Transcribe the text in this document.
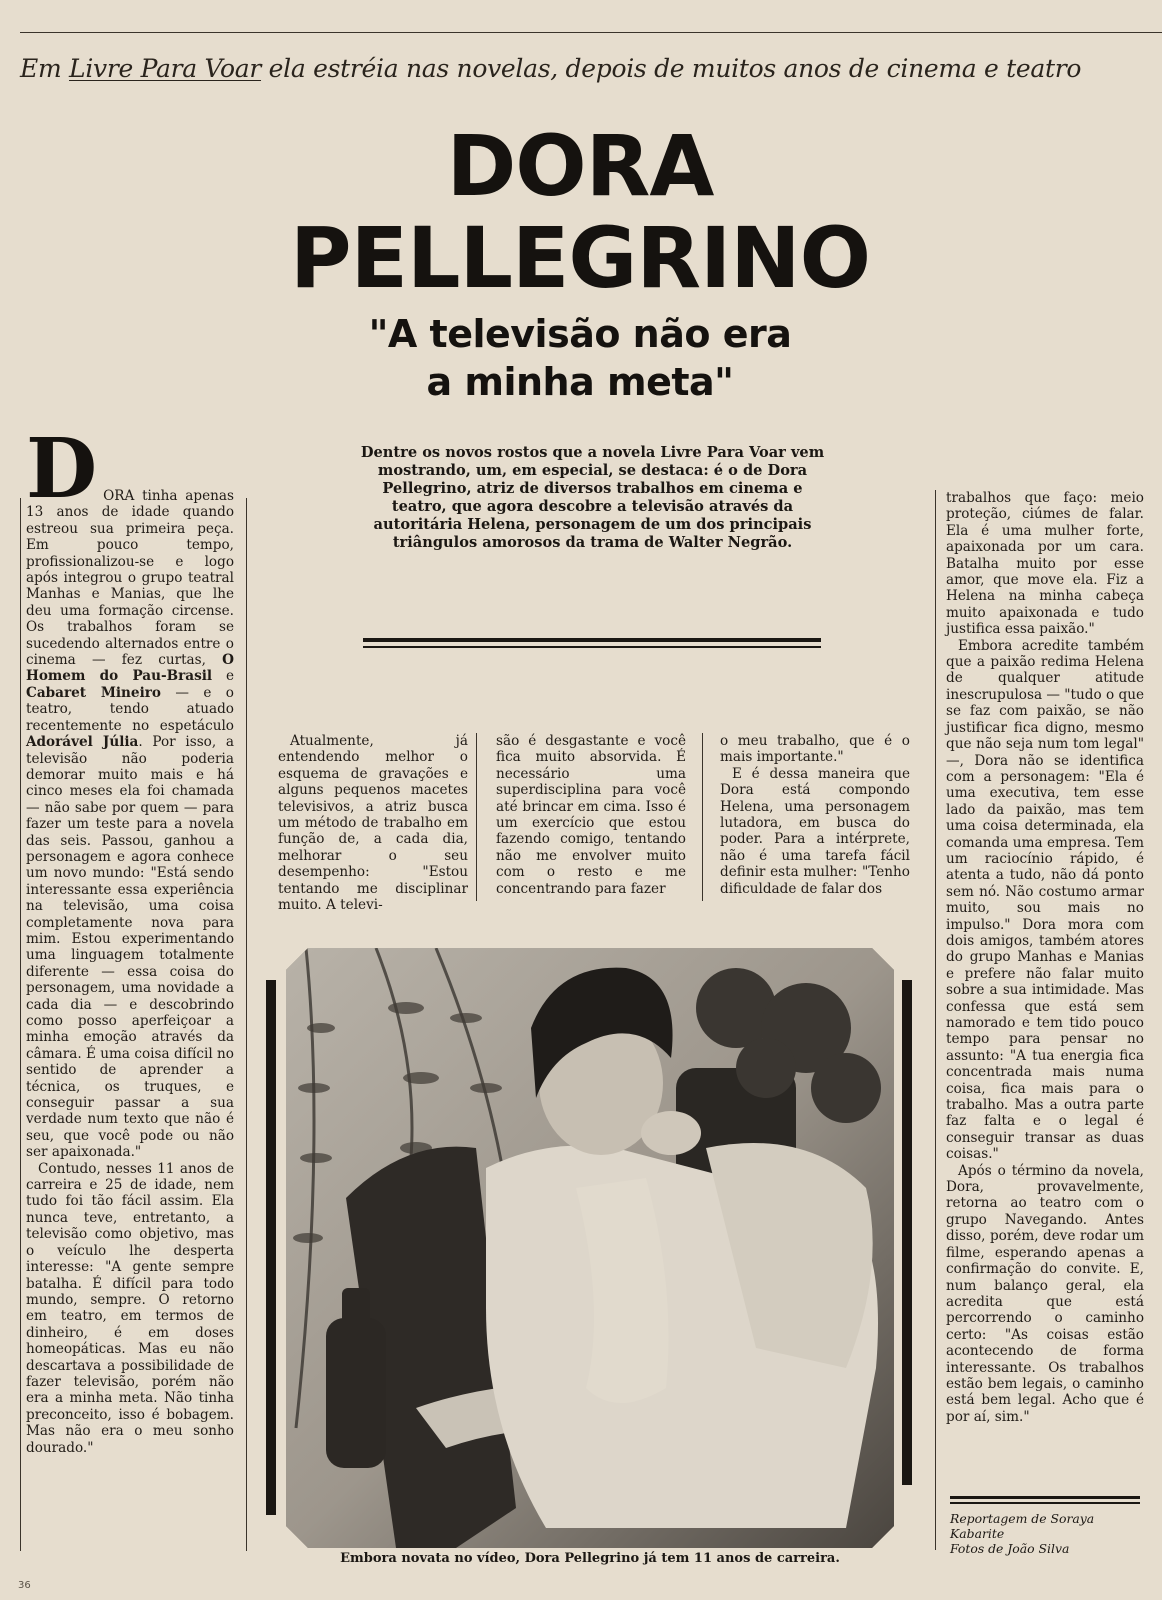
Em Livre Para Voar ela estréia nas novelas, depois de muitos anos de cinema e teatro
DORA
PELLEGRINO
"A televisão não era
a minha meta"
Dentre os novos rostos que a novela Livre Para Voar vem mostrando, um, em especial, se destaca: é o de Dora Pellegrino, atriz de diversos trabalhos em cinema e teatro, que agora descobre a televisão através da autoritária Helena, personagem de um dos principais triângulos amorosos da trama de Walter Negrão.

DORA tinha apenas 13 anos de idade quando estreou sua primeira peça. Em pouco tempo, profissionalizou-se e logo após integrou o grupo teatral Manhas e Manias, que lhe deu uma formação circense. Os trabalhos foram se sucedendo alternados entre o cinema — fez curtas, O Homem do Pau-Brasil e Cabaret Mineiro — e o teatro, tendo atuado recentemente no espetáculo Adorável Júlia. Por isso, a televisão não poderia demorar muito mais e há cinco meses ela foi chamada — não sabe por quem — para fazer um teste para a novela das seis. Passou, ganhou a personagem e agora conhece um novo mundo: "Está sendo interessante essa experiência na televisão, uma coisa completamente nova para mim. Estou experimentando uma linguagem totalmente diferente — essa coisa do personagem, uma novidade a cada dia — e descobrindo como posso aperfeiçoar a minha emoção através da câmara. É uma coisa difícil no sentido de aprender a técnica, os truques, e conseguir passar a sua verdade num texto que não é seu, que você pode ou não ser apaixonada."

Contudo, nesses 11 anos de carreira e 25 de idade, nem tudo foi tão fácil assim. Ela nunca teve, entretanto, a televisão como objetivo, mas o veículo lhe desperta interesse: "A gente sempre batalha. É difícil para todo mundo, sempre. O retorno em teatro, em termos de dinheiro, é em doses homeopáticas. Mas eu não descartava a possibilidade de fazer televisão, porém não era a minha meta. Não tinha preconceito, isso é bobagem. Mas não era o meu sonho dourado."

Atualmente, já entendendo melhor o esquema de gravações e alguns pequenos macetes televisivos, a atriz busca um método de trabalho em função de, a cada dia, melhorar o seu desempenho: "Estou tentando me disciplinar muito. A televi-

são é desgastante e você fica muito absorvida. É necessário uma superdisciplina para você até brincar em cima. Isso é um exercício que estou fazendo comigo, tentando não me envolver muito com o resto e me concentrando para fazer

o meu trabalho, que é o mais importante."

E é dessa maneira que Dora está compondo Helena, uma personagem lutadora, em busca do poder. Para a intérprete, não é uma tarefa fácil definir esta mulher: "Tenho dificuldade de falar dos

trabalhos que faço: meio proteção, ciúmes de falar. Ela é uma mulher forte, apaixonada por um cara. Batalha muito por esse amor, que move ela. Fiz a Helena na minha cabeça muito apaixonada e tudo justifica essa paixão."

Embora acredite também que a paixão redima Helena de qualquer atitude inescrupulosa — "tudo o que se faz com paixão, se não justificar fica digno, mesmo que não seja num tom legal" —, Dora não se identifica com a personagem: "Ela é uma executiva, tem esse lado da paixão, mas tem uma coisa determinada, ela comanda uma empresa. Tem um raciocínio rápido, é atenta a tudo, não dá ponto sem nó. Não costumo armar muito, sou mais no impulso." Dora mora com dois amigos, também atores do grupo Manhas e Manias e prefere não falar muito sobre a sua intimidade. Mas confessa que está sem namorado e tem tido pouco tempo para pensar no assunto: "A tua energia fica concentrada mais numa coisa, fica mais para o trabalho. Mas a outra parte faz falta e o legal é conseguir transar as duas coisas."

Após o término da novela, Dora, provavelmente, retorna ao teatro com o grupo Navegando. Antes disso, porém, deve rodar um filme, esperando apenas a confirmação do convite. E, num balanço geral, ela acredita que está percorrendo o caminho certo: "As coisas estão acontecendo de forma interessante. Os trabalhos estão bem legais, o caminho está bem legal. Acho que é por aí, sim."

Embora novata no vídeo, Dora Pellegrino já tem 11 anos de carreira.
Reportagem de Soraya Kabarite
Fotos de João Silva
36
